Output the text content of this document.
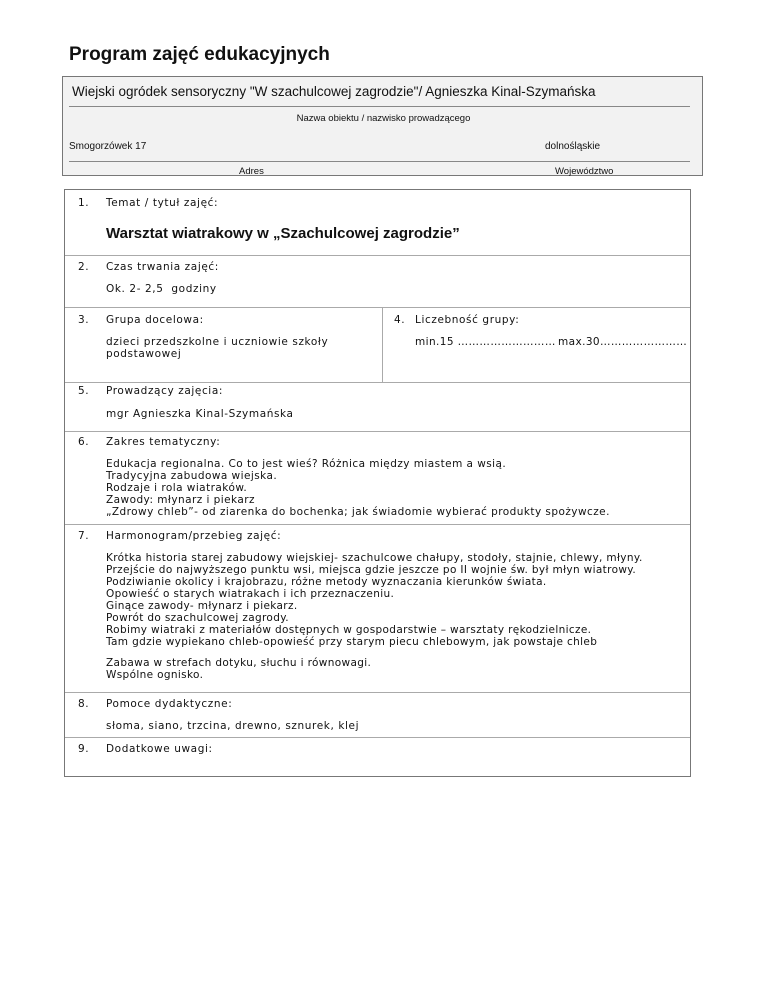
Program zajęć edukacyjnych
Wiejski ogródek sensoryczny "W szachulcowej zagrodzie"/ Agnieszka Kinal-Szymańska
Nazwa obiektu / nazwisko prowadzącego
Smogorzówek 17	dolnośląskie
Adres	Województwo
1. Temat / tytuł zajęć:
Warsztat wiatrakowy w „Szachulcowej zagrodzie”
2. Czas trwania zajęć:
Ok. 2- 2,5  godziny
3. Grupa docelowa:
dzieci przedszkolne i uczniowie szkoły
podstawowej
4. Liczebność grupy:
min.15 ……………………… max.30……………………
5. Prowadzący zajęcia:
mgr Agnieszka Kinal-Szymańska
6. Zakres tematyczny:
Edukacja regionalna. Co to jest wieś? Różnica między miastem a wsią.
Tradycyjna zabudowa wiejska.
Rodzaje i rola wiatraków.
Zawody: młynarz i piekarz
„Zdrowy chleb”- od ziarenka do bochenka; jak świadomie wybierać produkty spożywcze.
7. Harmonogram/przebieg zajęć:
Krótka historia starej zabudowy wiejskiej- szachulcowe chałupy, stodoły, stajnie, chlewy, młyny.
Przejście do najwyższego punktu wsi, miejsca gdzie jeszcze po II wojnie św. był młyn wiatrowy.
Podziwianie okolicy i krajobrazu, różne metody wyznaczania kierunków świata.
Opowieść o starych wiatrakach i ich przeznaczeniu.
Ginące zawody- młynarz i piekarz.
Powrót do szachulcowej zagrody.
Robimy wiatraki z materiałów dostępnych w gospodarstwie – warsztaty rękodzielnicze.
Tam gdzie wypiekano chleb-opowieść przy starym piecu chlebowym, jak powstaje chleb
Zabawa w strefach dotyku, słuchu i równowagi.
Wspólne ognisko.
8. Pomoce dydaktyczne:
słoma, siano, trzcina, drewno, sznurek, klej
9. Dodatkowe uwagi:
